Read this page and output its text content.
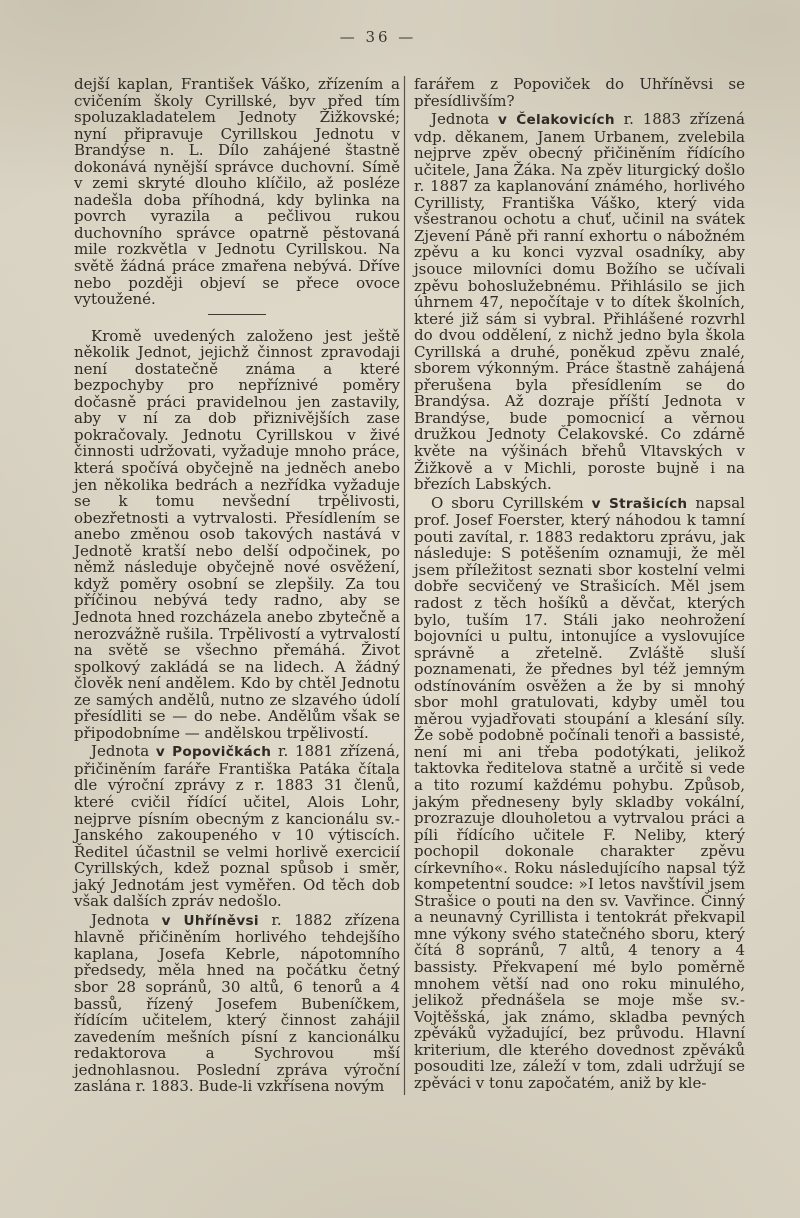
— 36 —

dejší kaplan, František Váško, zřízením a cvičením školy Cyrillské, byv před tím spoluzakladatelem Jednoty Žižkovské; nyní připravuje Cyrillskou Jednotu v Brandýse n. L. Dílo zahájené štastně dokonává nynější správce duchovní. Símě v zemi skryté dlouho klíčilo, až posléze nadešla doba příhodná, kdy bylinka na povrch vyrazila a pečlivou rukou duchovního správce opatrně pěstovaná mile rozkvětla v Jednotu Cyrillskou. Na světě žádná práce zmařena nebývá. Dříve nebo později objeví se přece ovoce vytoužené.

Kromě uvedených založeno jest ještě několik Jednot, jejichž činnost zpravodaji není dostatečně známa a které bezpochyby pro nepříznivé poměry dočasně práci pravidelnou jen zastavily, aby v ní za dob přiznivějších zase pokračovaly. Jednotu Cyrillskou v živé činnosti udržovati, vyžaduje mnoho práce, která spočívá obyčejně na jedněch anebo jen několika bedrách a nezřídka vyžaduje se k tomu nevšední trpělivosti, obezřetnosti a vytrvalosti. Přesídlením se anebo změnou osob takových nastává v Jednotě kratší nebo delší odpočinek, po němž následuje obyčejně nové osvěžení, když poměry osobní se zlepšily. Za tou příčinou nebývá tedy radno, aby se Jednota hned rozcházela anebo zbytečně a nerozvážně rušila. Trpělivostí a vytrvalostí na světě se všechno přemáhá. Život spolkový zakládá se na lidech. A žádný člověk není andělem. Kdo by chtěl Jednotu ze samých andělů, nutno ze slzavého údolí přesídliti se — do nebe. Andělům však se připodobníme — andělskou trpělivostí.

Jednota v Popovičkách r. 1881 zřízená, přičiněním faráře Františka Patáka čítala dle výroční zprávy z r. 1883 31 členů, které cvičil řídící učitel, Alois Lohr, nejprve písním obecným z kancionálu sv.-Janského zakoupeného v 10 výtiscích. Ředitel účastnil se velmi horlivě exercicií Cyrillských, kdež poznal spůsob i směr, jaký Jednotám jest vyměřen. Od těch dob však dalších zpráv nedošlo.

Jednota v Uhříněvsi r. 1882 zřízena hlavně přičiněním horlivého tehdejšího kaplana, Josefa Kebrle, nápotomního předsedy, měla hned na počátku četný sbor 28 sopránů, 30 altů, 6 tenorů a 4 bassů, řízený Josefem Bubeníčkem, řídícím učitelem, který činnost zahájil zavedením mešních písní z kancionálku redaktorova a Sychrovou mší jednohlasnou. Poslední zpráva výroční zaslána r. 1883. Bude-li vzkřísena novým

farářem z Popoviček do Uhříněvsi se přesídlivším?

Jednota v Čelakovicích r. 1883 zřízená vdp. děkanem, Janem Urbanem, zvelebila nejprve zpěv obecný přičiněním řídícího učitele, Jana Žáka. Na zpěv liturgický došlo r. 1887 za kaplanování známého, horlivého Cyrillisty, Františka Váško, který vida všestranou ochotu a chuť, učinil na svátek Zjevení Páně při ranní exhortu o nábožném zpěvu a ku konci vyzval osadníky, aby jsouce milovníci domu Božího se učívali zpěvu bohoslužebnému. Přihlásilo se jich úhrnem 47, nepočítaje v to dítek školních, které již sám si vybral. Přihlášené rozvrhl do dvou oddělení, z nichž jedno byla škola Cyrillská a druhé, poněkud zpěvu znalé, sborem výkonným. Práce štastně zahájená přerušena byla přesídlením se do Brandýsa. Až dozraje příští Jednota v Brandýse, bude pomocnicí a věrnou družkou Jednoty Čelakovské. Co zdárně květe na výšinách břehů Vltavských v Žižkově a v Michli, poroste bujně i na březích Labských.

O sboru Cyrillském v Strašicích napsal prof. Josef Foerster, který náhodou k tamní pouti zavítal, r. 1883 redaktoru zprávu, jak následuje: S potěšením oznamuji, že měl jsem příležitost seznati sbor kostelní velmi dobře secvičený ve Strašicích. Měl jsem radost z těch hošíků a děvčat, kterých bylo, tuším 17. Stáli jako neohrožení bojovníci u pultu, intonujíce a vyslovujíce správně a zřetelně. Zvláště sluší poznamenati, že přednes byl též jemným odstínováním osvěžen a že by si mnohý sbor mohl gratulovati, kdyby uměl tou měrou vyjadřovati stoupání a klesání síly. Že sobě podobně počínali tenoři a bassisté, není mi ani třeba podotýkati, jelikož taktovka ředitelova statně a určitě si vede a tito rozumí každému pohybu. Způsob, jakým předneseny byly skladby vokální, prozrazuje dlouholetou a vytrvalou práci a píli řídícího učitele F. Neliby, který pochopil dokonale charakter zpěvu církevního«. Roku následujícího napsal týž kompetentní soudce: »I letos navštívil jsem Strašice o pouti na den sv. Vavřince. Činný a neunavný Cyrillista i tentokrát překvapil mne výkony svého statečného sboru, který čítá 8 sopránů, 7 altů, 4 tenory a 4 bassisty. Překvapení mé bylo poměrně mnohem větší nad ono roku minulého, jelikož přednášela se moje mše sv.-Vojtěšská, jak známo, skladba pevných zpěváků vyžadující, bez průvodu. Hlavní kriterium, dle kterého dovednost zpěváků posouditi lze, záleží v tom, zdali udržují se zpěváci v tonu započatém, aniž by kle-
